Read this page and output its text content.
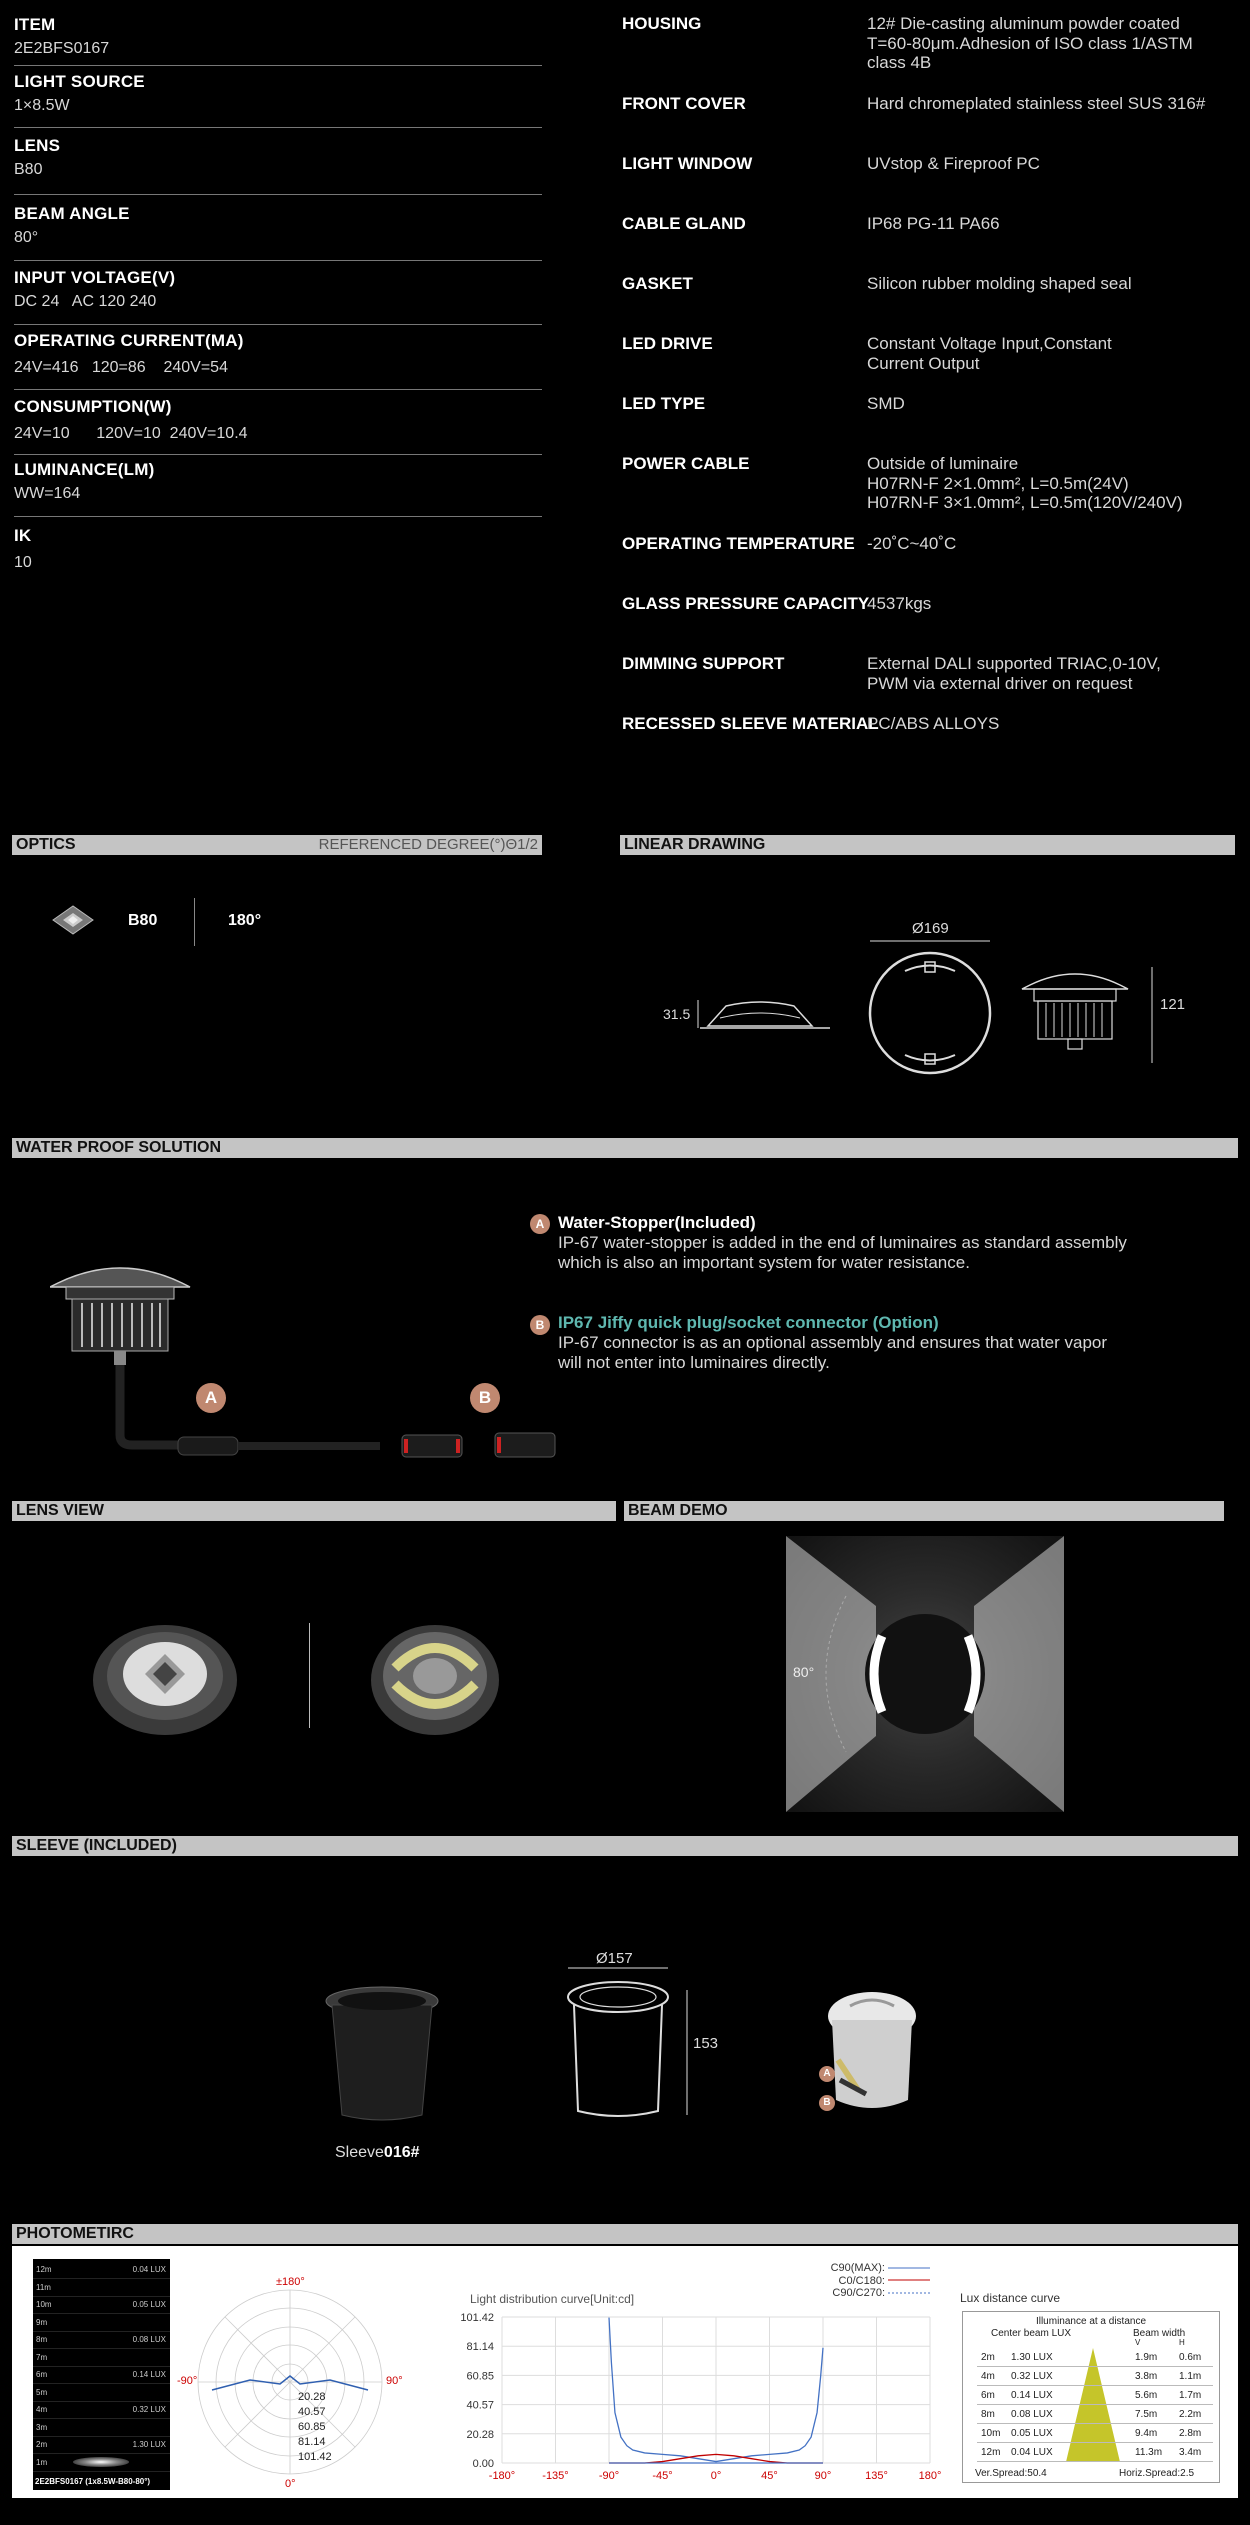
ITEM
2E2BFS0167
LIGHT SOURCE
1×8.5W
LENS
B80
BEAM ANGLE
80°
INPUT VOLTAGE(V)
DC 24   AC 120 240
OPERATING CURRENT(MA)
24V=416   120=86    240V=54
CONSUMPTION(W)
24V=10      120V=10  240V=10.4
LUMINANCE(LM)
WW=164
IK
10
HOUSING	12# Die-casting aluminum powder coated
T=60-80μm.Adhesion of ISO class 1/ASTM
class 4B
FRONT COVER	Hard chromeplated stainless steel SUS 316#
LIGHT WINDOW	UVstop & Fireproof PC
CABLE GLAND	IP68 PG-11 PA66
GASKET	Silicon rubber molding shaped seal
LED DRIVE	Constant Voltage Input,Constant
Current Output
LED TYPE	SMD
POWER CABLE	Outside of luminaire
H07RN-F 2×1.0mm², L=0.5m(24V)
H07RN-F 3×1.0mm², L=0.5m(120V/240V)
OPERATING TEMPERATURE -20˚C~40˚C
GLASS PRESSURE CAPACITY
4537kgs
DIMMING SUPPORT	External DALI supported TRIAC,0-10V,
PWM via external driver on request
RECESSED SLEEVE MATERIAL
PC/ABS ALLOYS
OPTICS	REFERENCED DEGREE(°)Θ1/2
B80	180°
LINEAR DRAWING
31.5
Ø169
121
WATER PROOF SOLUTION
A	B
A Water-Stopper(Included)
IP-67 water-stopper is added in the end of luminaires as standard assembly
which is also an important system for water resistance.
B IP67 Jiffy quick plug/socket connector (Option)
IP-67 connector is as an optional assembly and ensures that water vapor
will not enter into luminaires directly.
LENS VIEW	BEAM DEMO
80°
SLEEVE (INCLUDED)
Sleeve016#
Ø157
153
A
B
PHOTOMETIRC
12m	0.04 LUX
11m
10m	0.05 LUX
9m
8m	0.08 LUX
7m
6m	0.14 LUX
5m
4m	0.32 LUX
3m
2m	1.30 LUX
1m
2E2BFS0167 (1x8.5W-B80-80°)
±180°
-90°	90°
0°
20.28
40.57
60.85
81.14
101.42
C90(MAX):
C0/C180:
C90/C270:
Light distribution curve[Unit:cd]
-180° -135°	-90°	-45°	0°	45°	90°	135°	180°
101.42
81.14
60.85
40.57
20.28
0.00
Lux distance curve
Illuminance at a distance
Center beam LUX	Beam width
V	H
2m 1.30 LUX	1.9m 0.6m
4m 0.32 LUX	3.8m 1.1m
6m 0.14 LUX	5.6m 1.7m
8m 0.08 LUX	7.5m 2.2m
10m 0.05 LUX	9.4m 2.8m
12m 0.04 LUX	11.3m 3.4m
Ver.Spread:50.4	Horiz.Spread:2.5
